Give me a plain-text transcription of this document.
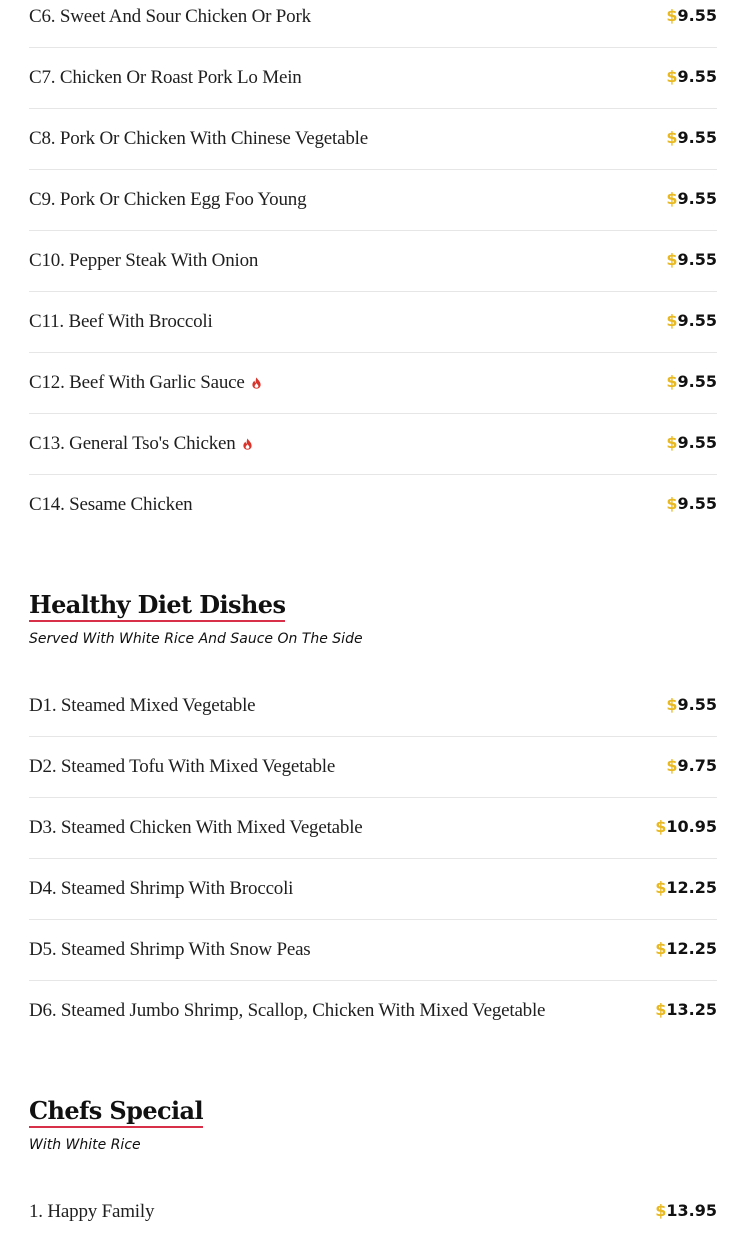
C6. Sweet And Sour Chicken Or Pork	$9.55
C7. Chicken Or Roast Pork Lo Mein	$9.55
C8. Pork Or Chicken With Chinese Vegetable	$9.55
C9. Pork Or Chicken Egg Foo Young	$9.55
C10. Pepper Steak With Onion	$9.55
C11. Beef With Broccoli	$9.55
C12. Beef With Garlic Sauce	$9.55
C13. General Tso's Chicken	$9.55
C14. Sesame Chicken	$9.55
Healthy Diet Dishes
Served With White Rice And Sauce On The Side
D1. Steamed Mixed Vegetable	$9.55
D2. Steamed Tofu With Mixed Vegetable	$9.75
D3. Steamed Chicken With Mixed Vegetable	$10.95
D4. Steamed Shrimp With Broccoli	$12.25
D5. Steamed Shrimp With Snow Peas	$12.25
D6. Steamed Jumbo Shrimp, Scallop, Chicken With Mixed Vegetable	$13.25
Chefs Special
With White Rice
1. Happy Family	$13.95
